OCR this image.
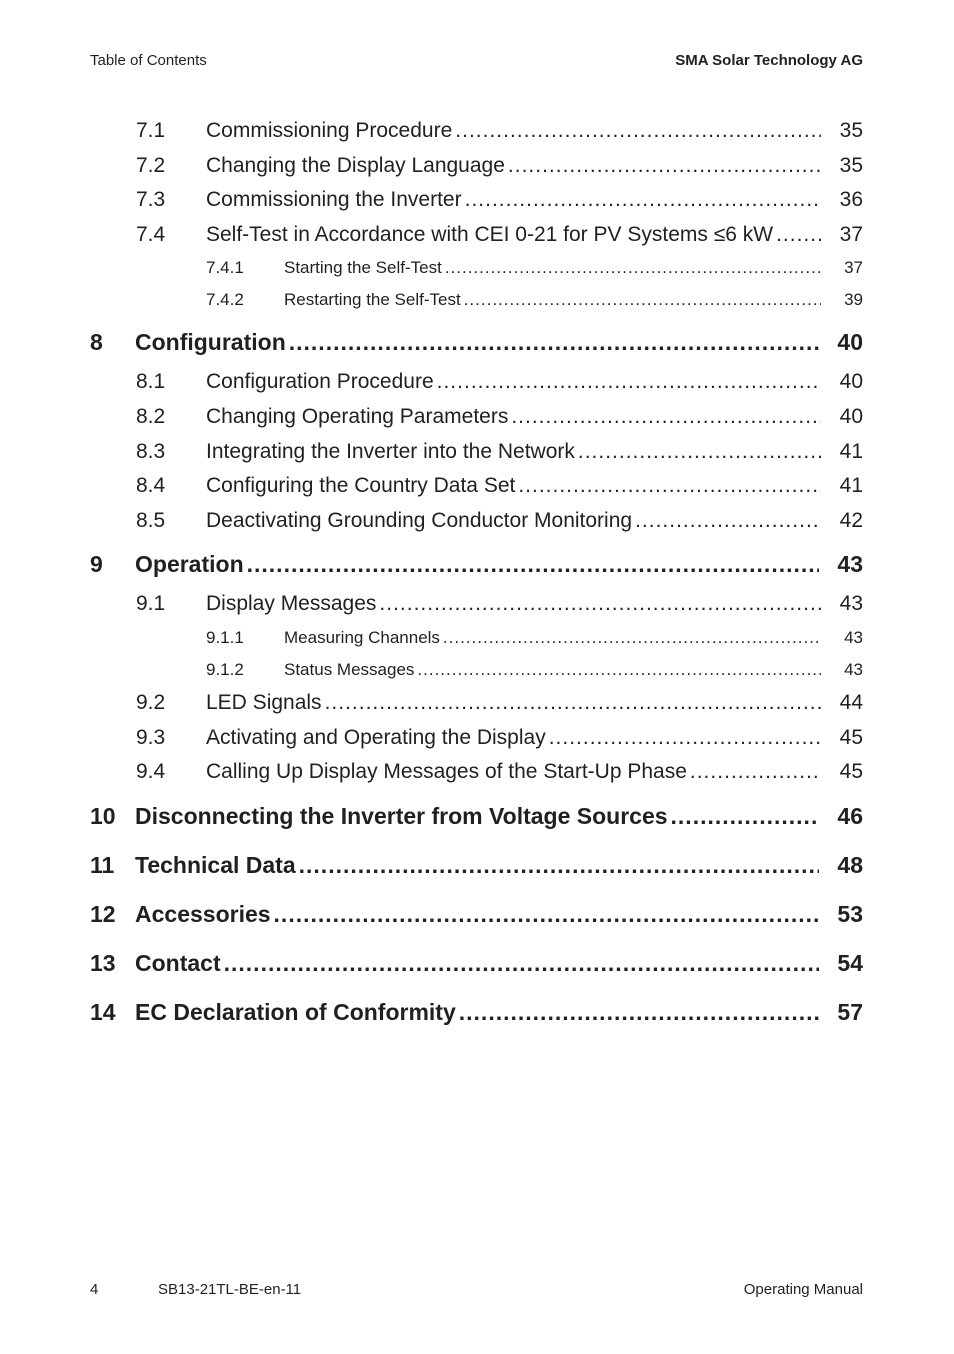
Table of Contents	SMA Solar Technology AG
7.1	Commissioning Procedure .....	35
7.2	Changing the Display Language .....	35
7.3	Commissioning the Inverter .....	36
7.4	Self-Test in Accordance with CEI 0-21 for PV Systems ≤6 kW .....	37
7.4.1	Starting the Self-Test .....	37
7.4.2	Restarting the Self-Test .....	39
8	Configuration .....	40
8.1	Configuration Procedure .....	40
8.2	Changing Operating Parameters .....	40
8.3	Integrating the Inverter into the Network .....	41
8.4	Configuring the Country Data Set .....	41
8.5	Deactivating Grounding Conductor Monitoring .....	42
9	Operation .....	43
9.1	Display Messages .....	43
9.1.1	Measuring Channels .....	43
9.1.2	Status Messages .....	43
9.2	LED Signals .....	44
9.3	Activating and Operating the Display .....	45
9.4	Calling Up Display Messages of the Start-Up Phase .....	45
10 Disconnecting the Inverter from Voltage Sources .....	46
11 Technical Data .....	48
12 Accessories .....	53
13 Contact .....	54
14 EC Declaration of Conformity .....	57
4	SB13-21TL-BE-en-11	Operating Manual
